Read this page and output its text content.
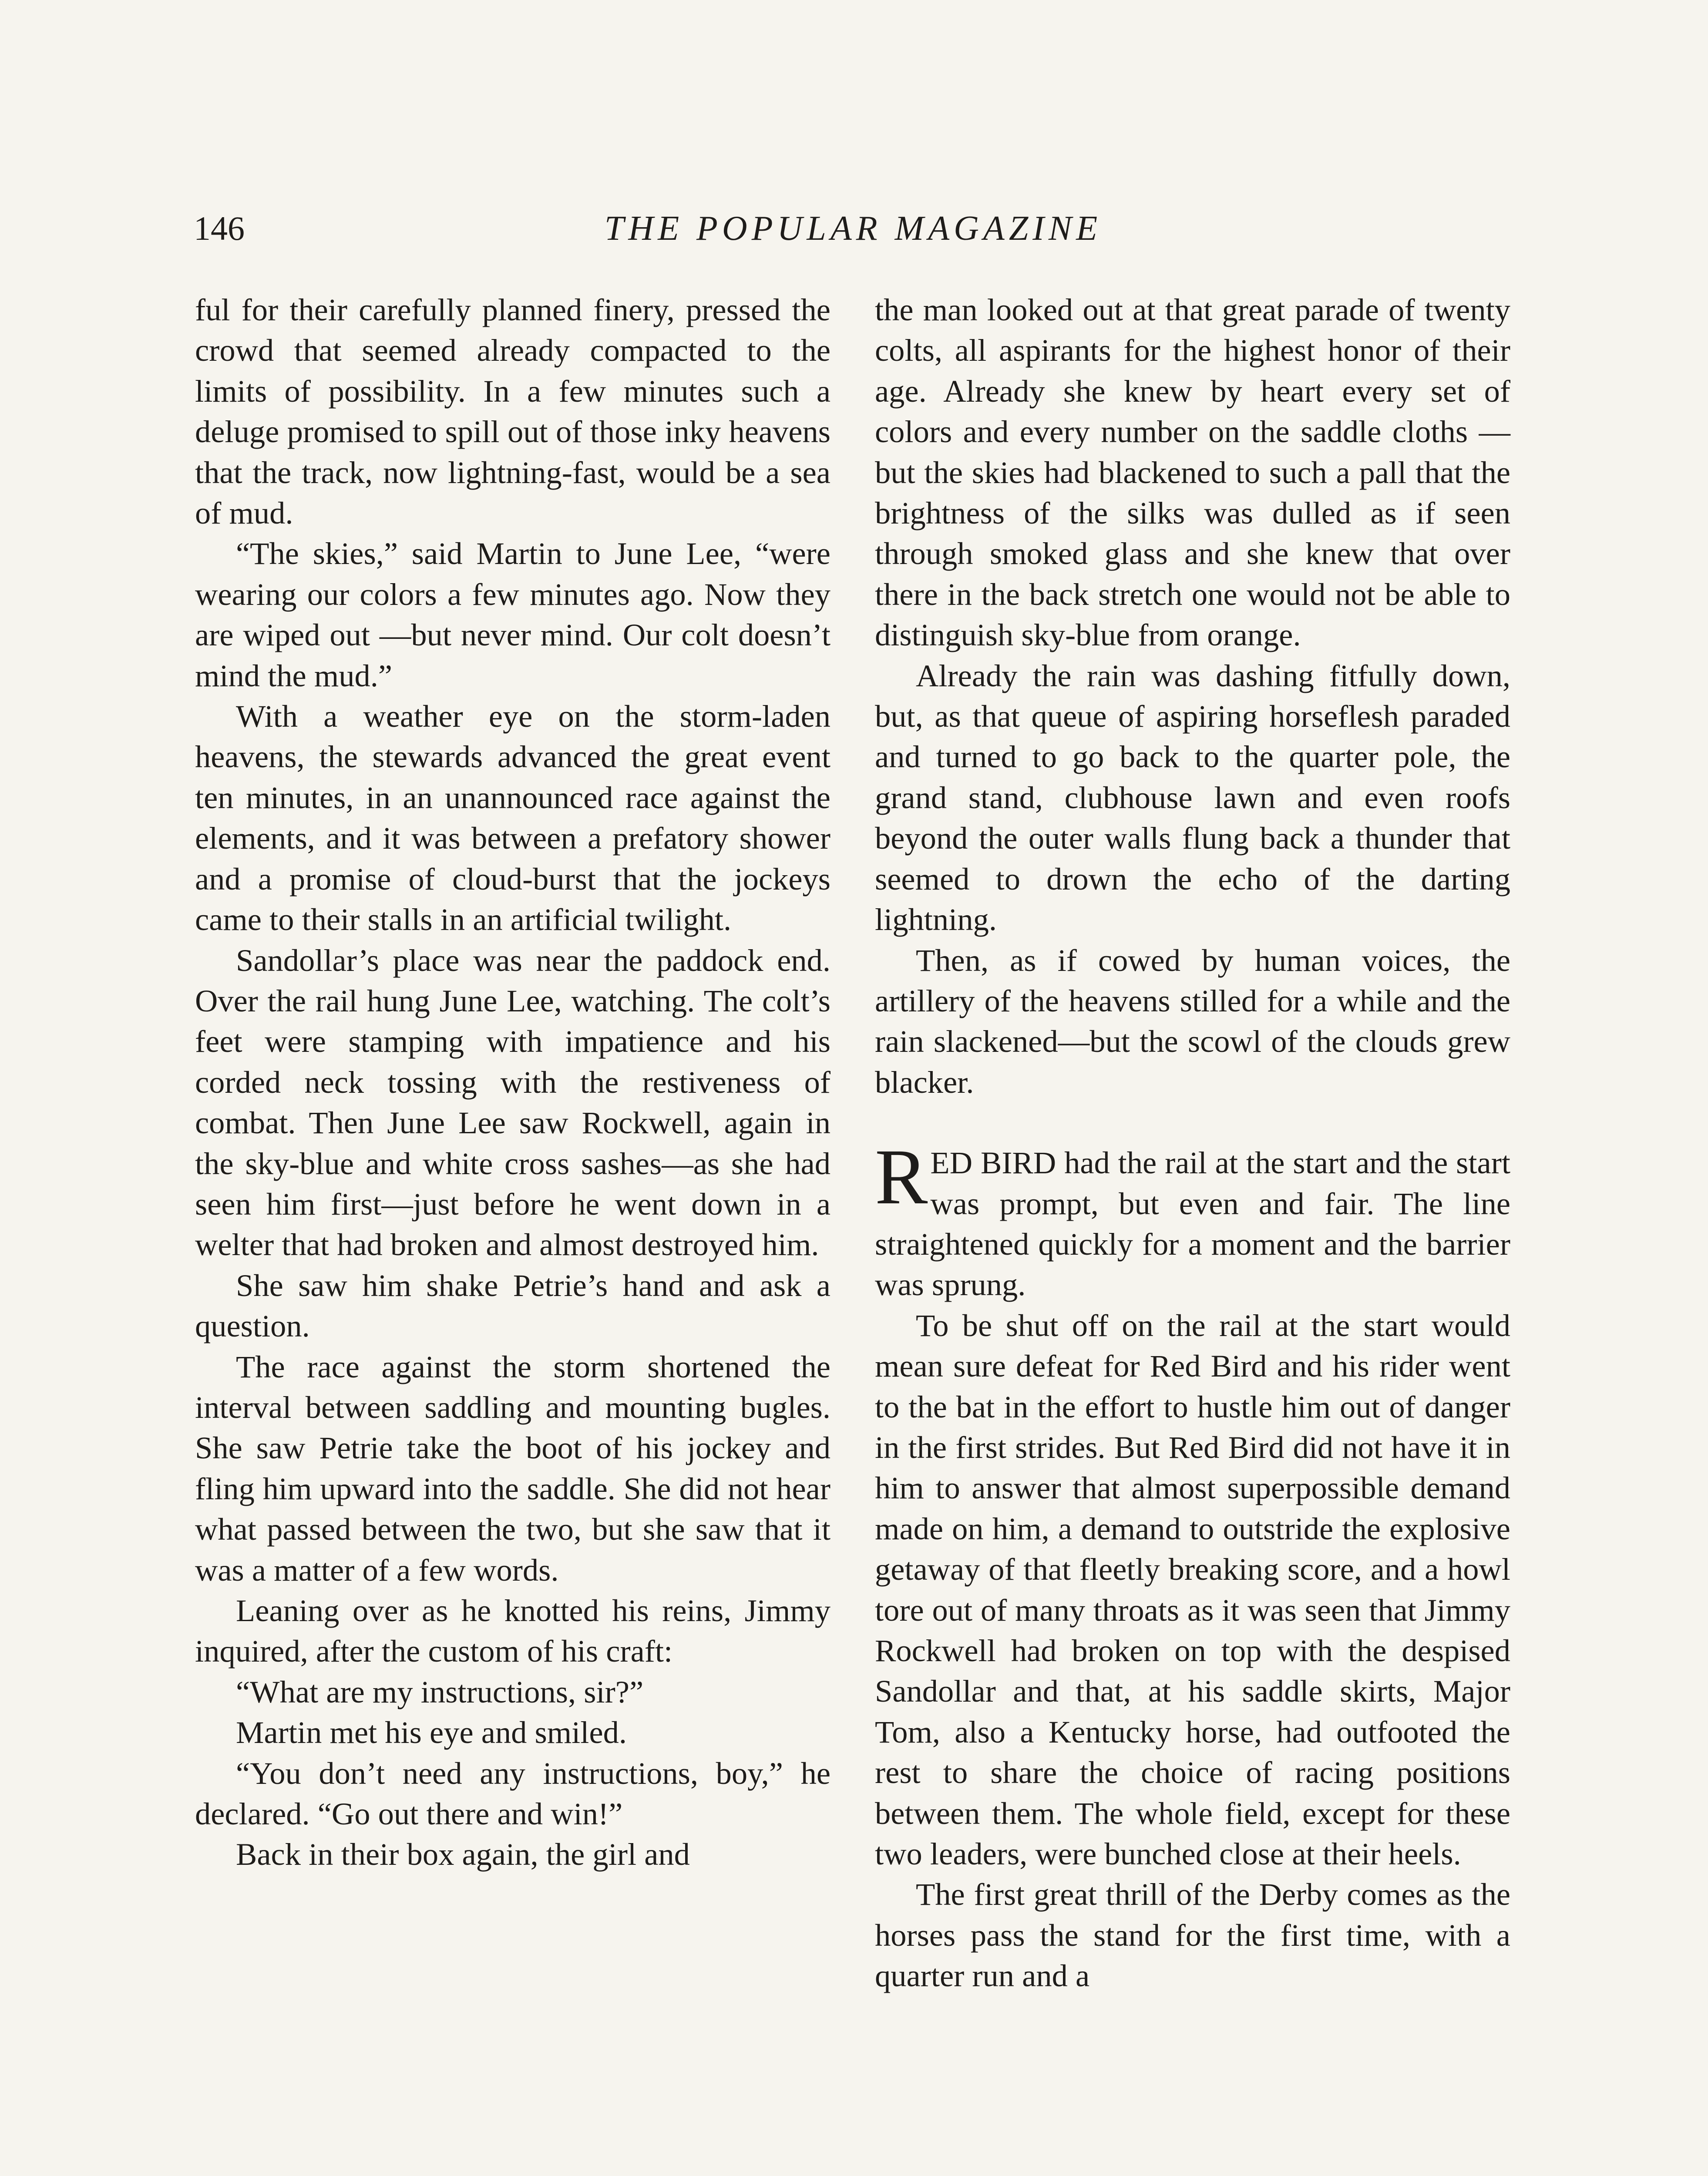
146	THE POPULAR MAGAZINE

ful for their carefully planned finery, pressed the crowd that seemed already compacted to the limits of possibility. In a few minutes such a deluge promised to spill out of those inky heavens that the track, now lightning-fast, would be a sea of mud.

“The skies,” said Martin to June Lee, “were wearing our colors a few minutes ago. Now they are wiped out —but never mind. Our colt doesn’t mind the mud.”

With a weather eye on the storm-laden heavens, the stewards advanced the great event ten minutes, in an unannounced race against the elements, and it was between a prefatory shower and a promise of cloud-burst that the jockeys came to their stalls in an artificial twilight.

Sandollar’s place was near the paddock end. Over the rail hung June Lee, watching. The colt’s feet were stamping with impatience and his corded neck tossing with the restiveness of combat. Then June Lee saw Rockwell, again in the sky-blue and white cross sashes—as she had seen him first—just before he went down in a welter that had broken and almost destroyed him.

She saw him shake Petrie’s hand and ask a question.

The race against the storm shortened the interval between saddling and mounting bugles. She saw Petrie take the boot of his jockey and fling him upward into the saddle. She did not hear what passed between the two, but she saw that it was a matter of a few words.

Leaning over as he knotted his reins, Jimmy inquired, after the custom of his craft:

“What are my instructions, sir?”

Martin met his eye and smiled.

“You don’t need any instructions, boy,” he declared. “Go out there and win!”

Back in their box again, the girl and

the man looked out at that great parade of twenty colts, all aspirants for the highest honor of their age. Already she knew by heart every set of colors and every number on the saddle cloths —but the skies had blackened to such a pall that the brightness of the silks was dulled as if seen through smoked glass and she knew that over there in the back stretch one would not be able to distinguish sky-blue from orange.

Already the rain was dashing fitfully down, but, as that queue of aspiring horseflesh paraded and turned to go back to the quarter pole, the grand stand, clubhouse lawn and even roofs beyond the outer walls flung back a thunder that seemed to drown the echo of the darting lightning.

Then, as if cowed by human voices, the artillery of the heavens stilled for a while and the rain slackened—but the scowl of the clouds grew blacker.

RED BIRD had the rail at the start and the start was prompt, but even and fair. The line straightened quickly for a moment and the barrier was sprung.

To be shut off on the rail at the start would mean sure defeat for Red Bird and his rider went to the bat in the effort to hustle him out of danger in the first strides. But Red Bird did not have it in him to answer that almost superpossible demand made on him, a demand to outstride the explosive getaway of that fleetly breaking score, and a howl tore out of many throats as it was seen that Jimmy Rockwell had broken on top with the despised Sandollar and that, at his saddle skirts, Major Tom, also a Kentucky horse, had outfooted the rest to share the choice of racing positions between them. The whole field, except for these two leaders, were bunched close at their heels.

The first great thrill of the Derby comes as the horses pass the stand for the first time, with a quarter run and a
